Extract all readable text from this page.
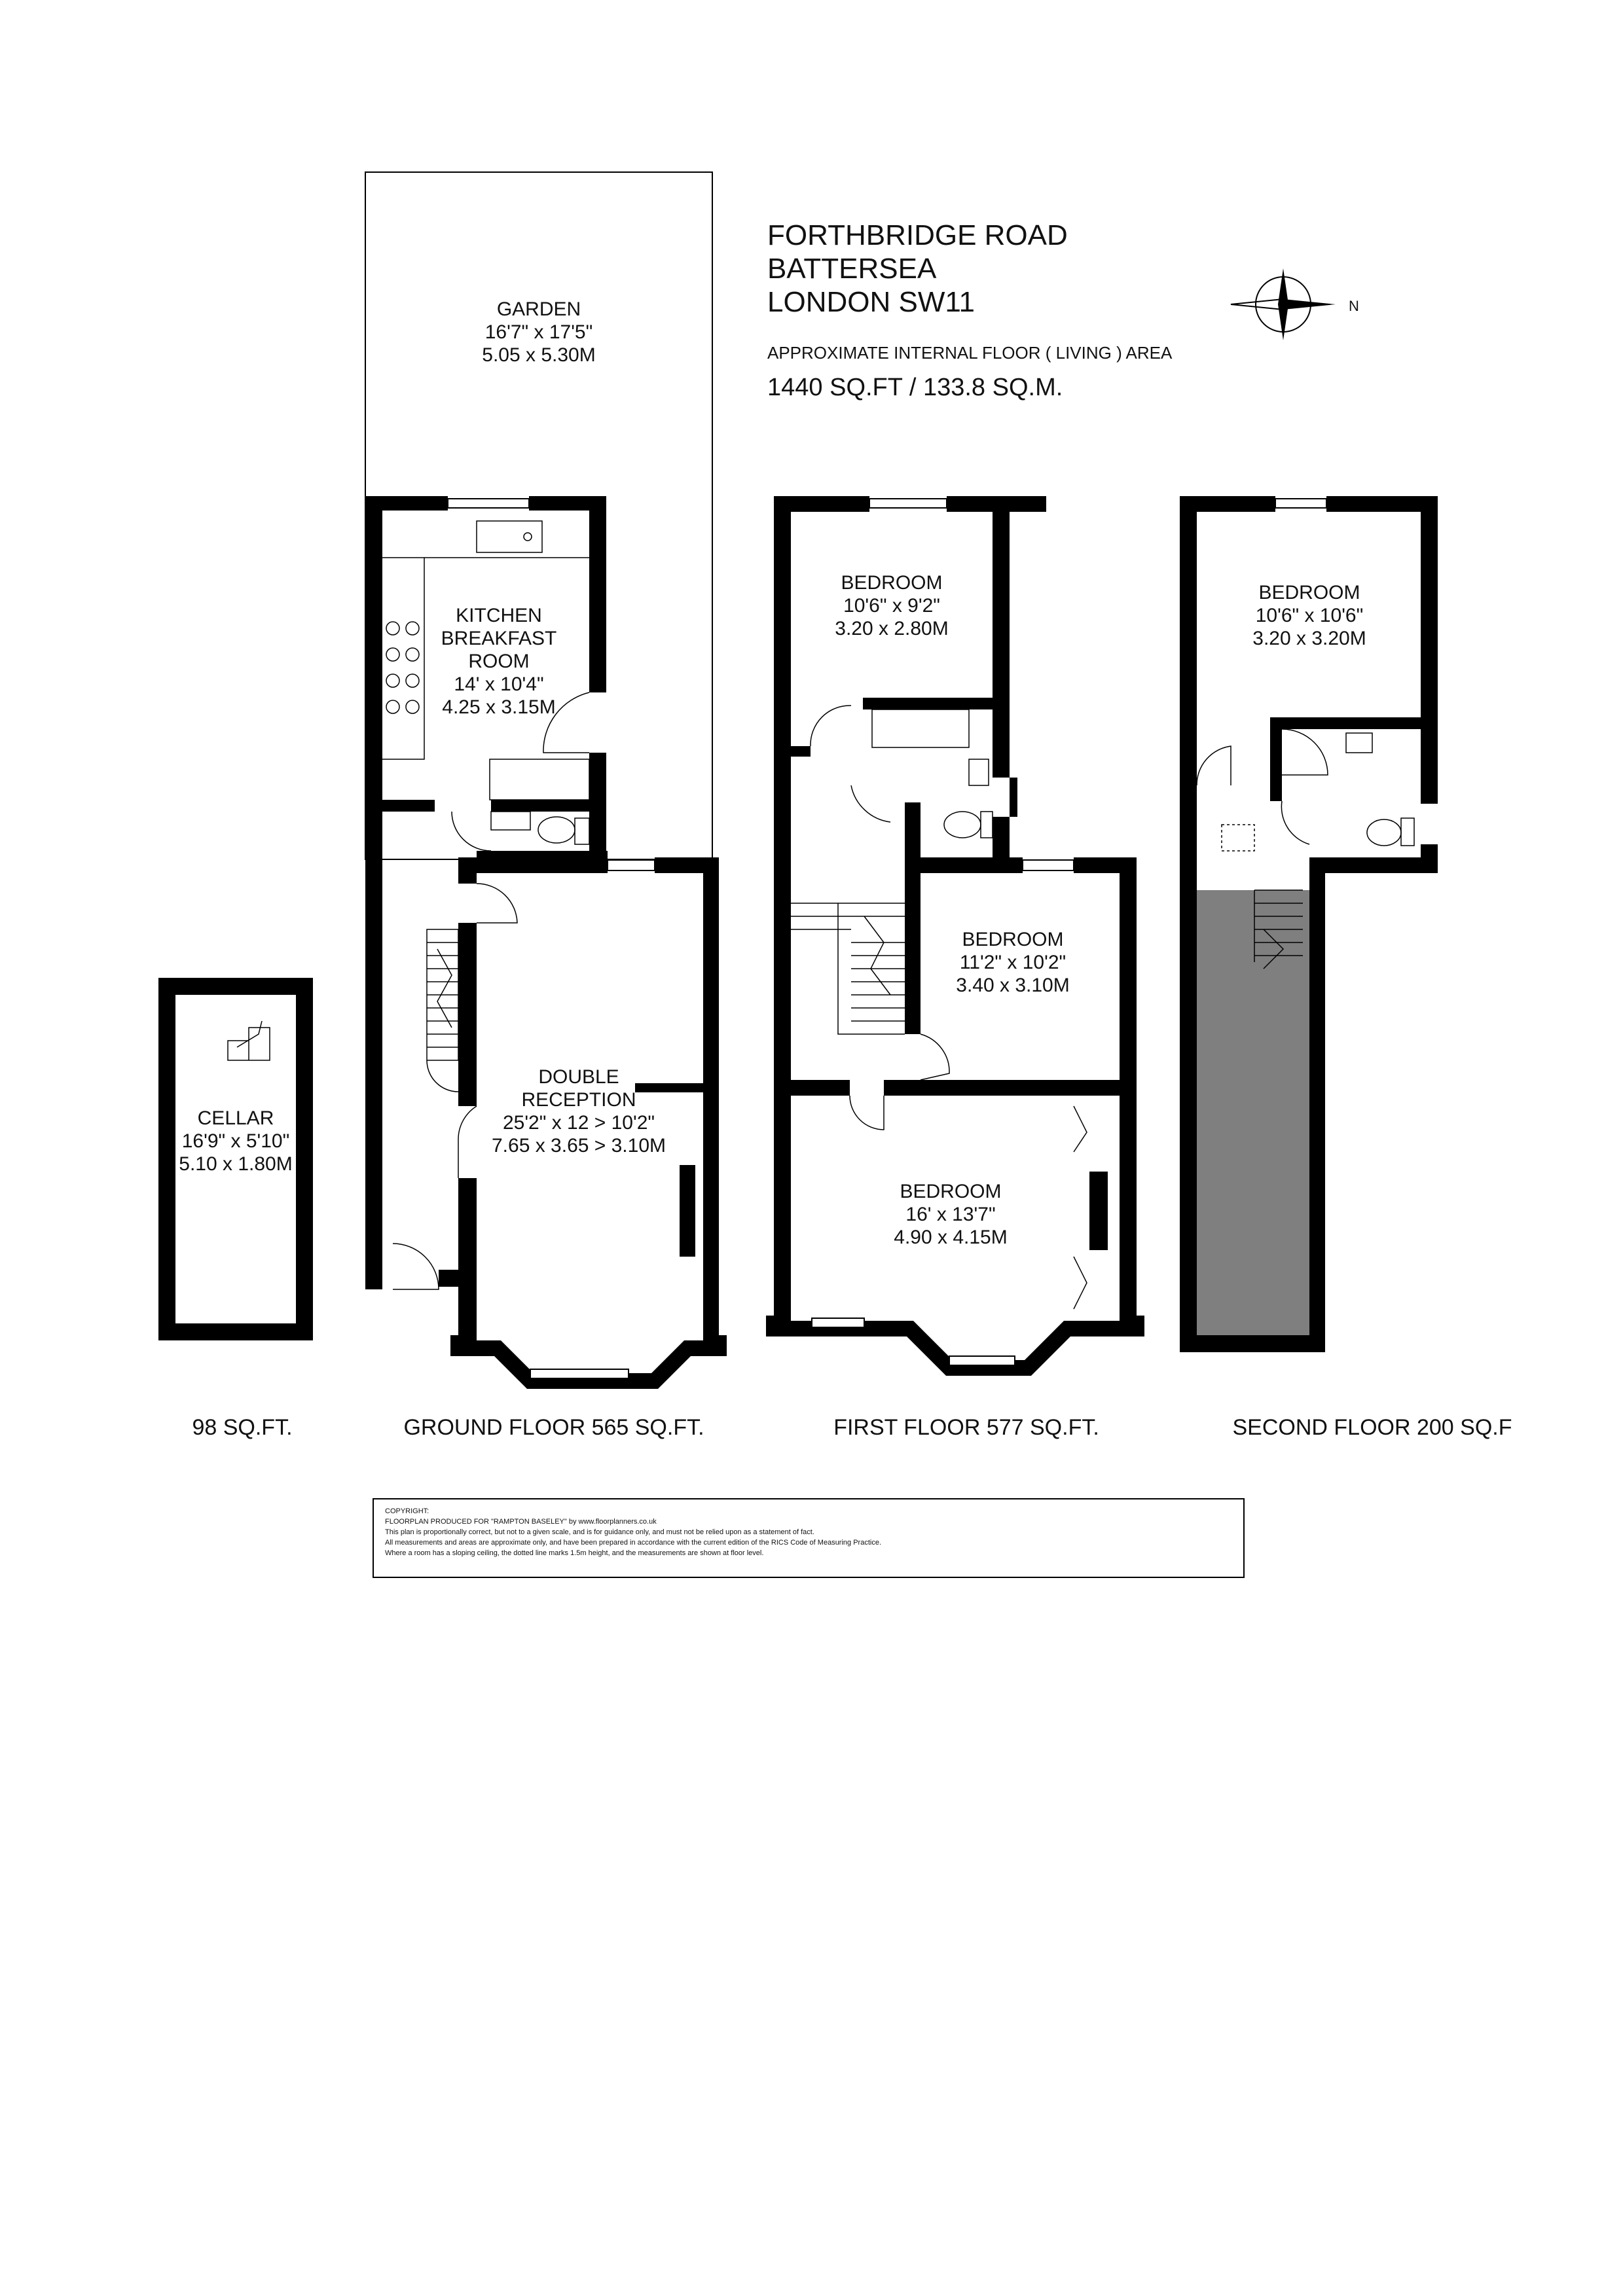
FORTHBRIDGE ROAD
BATTERSEA
LONDON SW11
APPROXIMATE INTERNAL FLOOR ( LIVING ) AREA
1440 SQ.FT / 133.8 SQ.M.
N
GARDEN
16'7" x 17'5"
5.05 x 5.30M
KITCHEN
BREAKFAST
ROOM
14' x 10'4"
4.25 x 3.15M
DOUBLE
RECEPTION
25'2" x 12 > 10'2"
7.65 x 3.65 > 3.10M
CELLAR
16'9" x 5'10"
5.10 x 1.80M
BEDROOM
10'6" x 9'2"
3.20 x 2.80M
BEDROOM
11'2" x 10'2"
3.40 x 3.10M
BEDROOM
16' x 13'7"
4.90 x 4.15M
BEDROOM
10'6" x 10'6"
3.20 x 3.20M
98 SQ.FT.	GROUND FLOOR 565 SQ.FT.	FIRST FLOOR 577 SQ.FT.	SECOND FLOOR 200 SQ.F
COPYRIGHT:
FLOORPLAN PRODUCED FOR "RAMPTON BASELEY" by www.floorplanners.co.uk
This plan is proportionally correct, but not to a given scale, and is for guidance only, and must not be relied upon as a statement of fact.
All measurements and areas are approximate only, and have been prepared in accordance with the current edition of the RICS Code of Measuring Practice.
Where a room has a sloping ceiling, the dotted line marks 1.5m height, and the measurements are shown at floor level.
